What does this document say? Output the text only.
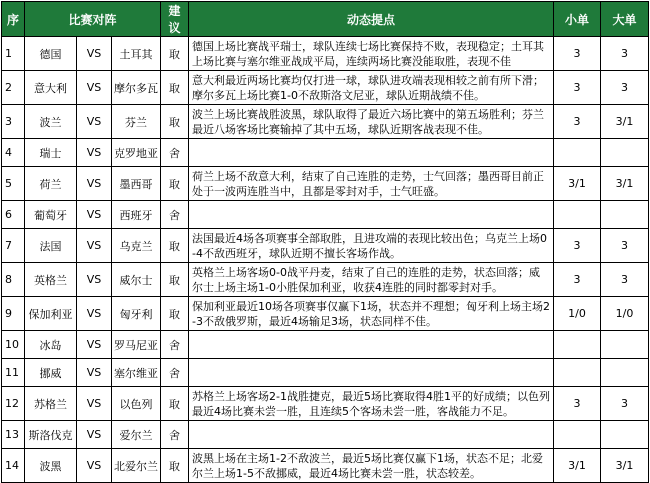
序	比赛对阵			建议	动态提点	小单	大单
1	德国	VS	土耳其	取	德国上场比赛战平瑞士，球队连续七场比赛保持不败，表现稳定；土耳其上场比赛与塞尔维亚战成平局，连续两场比赛没能取胜，表现不佳	3	3
2	意大利	VS	摩尔多瓦	取	意大利最近两场比赛均仅打进一球，球队进攻端表现相较之前有所下滑；摩尔多瓦上场比赛1-0不敌斯洛文尼亚，球队近期战绩不佳。	3	3
3	波兰	VS	芬兰	取	波兰上场比赛战胜波黑，球队取得了最近六场比赛中的第五场胜利；芬兰最近八场客场比赛输掉了其中五场，球队近期客战表现不佳。	3	3/1
4	瑞士	VS	克罗地亚	舍			
5	荷兰	VS	墨西哥	取	荷兰上场不敌意大利，结束了自己连胜的走势，士气回落；墨西哥目前正处于一波两连胜当中，且都是零封对手，士气旺盛。	3/1	3/1
6	葡萄牙	VS	西班牙	舍			
7	法国	VS	乌克兰	取	法国最近4场各项赛事全部取胜，且进攻端的表现比较出色；乌克兰上场0-4不敌西班牙，球队近期不擅长客场作战。	3	3
8	英格兰	VS	威尔士	取	英格兰上场客场0-0战平丹麦，结束了自己的连胜的走势，状态回落；威尔士上场主场1-0小胜保加利亚，收获4连胜的同时都零封对手。	3	3
9	保加利亚	VS	匈牙利	取	保加利亚最近10场各项赛事仅赢下1场，状态并不理想；匈牙利上场主场2-3不敌俄罗斯，最近4场输足3场，状态同样不佳。	1/0	1/0
10	冰岛	VS	罗马尼亚	舍			
11	挪威	VS	塞尔维亚	舍			
12	苏格兰	VS	以色列	取	苏格兰上场客场2-1战胜捷克，最近5场比赛取得4胜1平的好成绩；以色列最近4场比赛未尝一胜，且连续5个客场未尝一胜，客战能力不足。	3	3
13	斯洛伐克	VS	爱尔兰	舍			
14	波黑	VS	北爱尔兰	取	波黑上场在主场1-2不敌波兰，最近5场比赛仅赢下1场，状态不足；北爱尔兰上场1-5不敌挪威，最近4场比赛未尝一胜，状态较差。	3/1	3/1
